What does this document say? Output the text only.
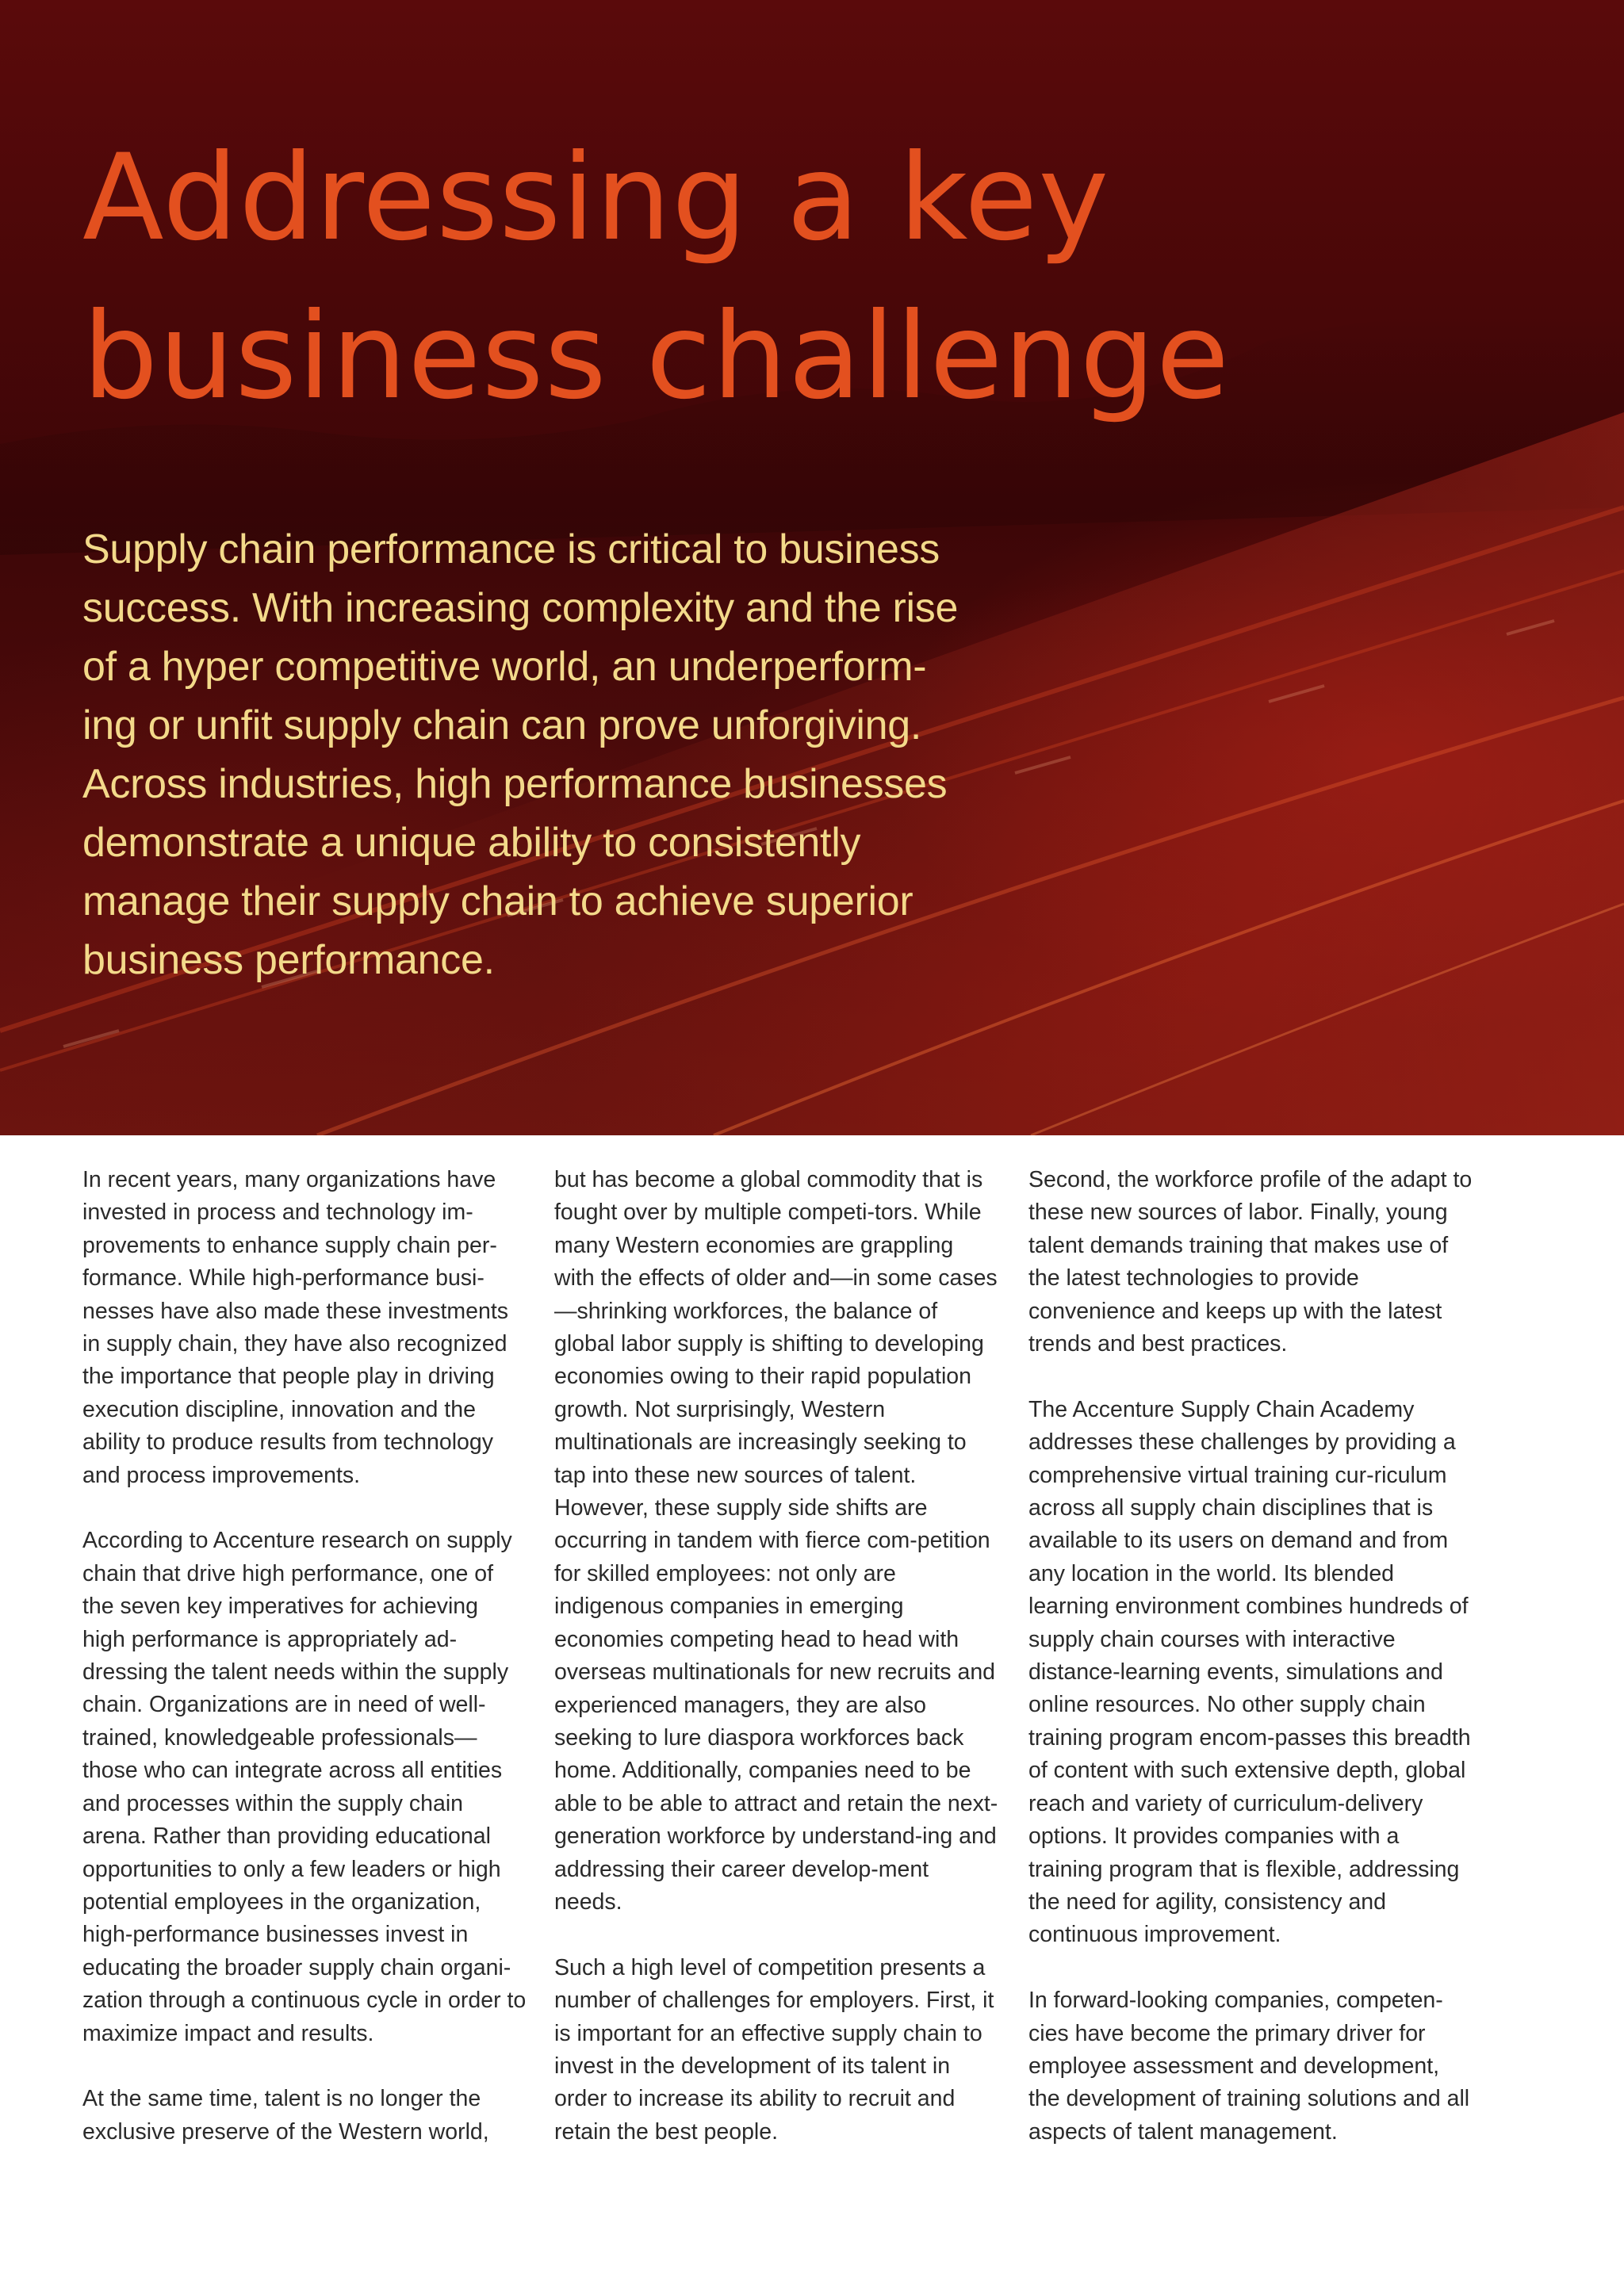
Addressing a key
business challenge

Supply chain performance is critical to business
success. With increasing complexity and the rise
of a hyper competitive world, an underperform-
ing or unfit supply chain can prove unforgiving.
Across industries, high performance businesses
demonstrate a unique ability to consistently
manage their supply chain to achieve superior
business performance.

In recent years, many organizations have invested in process and technology im-provements to enhance supply chain per-formance. While high-performance busi-nesses have also made these investments in supply chain, they have also recognized the importance that people play in driving execution discipline, innovation and the ability to produce results from technology and process improvements.

According to Accenture research on supply chain that drive high performance, one of the seven key imperatives for achieving high performance is appropriately ad-dressing the talent needs within the supply chain. Organizations are in need of well-trained, knowledgeable professionals—those who can integrate across all entities and processes within the supply chain arena. Rather than providing educational opportunities to only a few leaders or high potential employees in the organization, high-performance businesses invest in educating the broader supply chain organi-zation through a continuous cycle in order to maximize impact and results.

At the same time, talent is no longer the exclusive preserve of the Western world,

but has become a global commodity that is fought over by multiple competi-tors. While many Western economies are grappling with the effects of older and—in some cases—shrinking workforces, the balance of global labor supply is shifting to developing economies owing to their rapid population growth. Not surprisingly, Western multinationals are increasingly seeking to tap into these new sources of talent. However, these supply side shifts are occurring in tandem with fierce com-petition for skilled employees: not only are indigenous companies in emerging economies competing head to head with overseas multinationals for new recruits and experienced managers, they are also seeking to lure diaspora workforces back home. Additionally, companies need to be able to be able to attract and retain the next-generation workforce by understand-ing and addressing their career develop-ment needs.

Such a high level of competition presents a number of challenges for employers. First, it is important for an effective supply chain to invest in the development of its talent in order to increase its ability to recruit and retain the best people.

Second, the workforce profile of the adapt to these new sources of labor. Finally, young talent demands training that makes use of the latest technologies to provide convenience and keeps up with the latest trends and best practices.

The Accenture Supply Chain Academy addresses these challenges by providing a comprehensive virtual training cur-riculum across all supply chain disciplines that is available to its users on demand and from any location in the world. Its blended learning environment combines hundreds of supply chain courses with interactive distance-learning events, simulations and online resources. No other supply chain training program encom-passes this breadth of content with such extensive depth, global reach and variety of curriculum-delivery options. It provides companies with a training program that is flexible, addressing the need for agility, consistency and continuous improvement.

In forward-looking companies, competen-cies have become the primary driver for employee assessment and development, the development of training solutions and all aspects of talent management.
